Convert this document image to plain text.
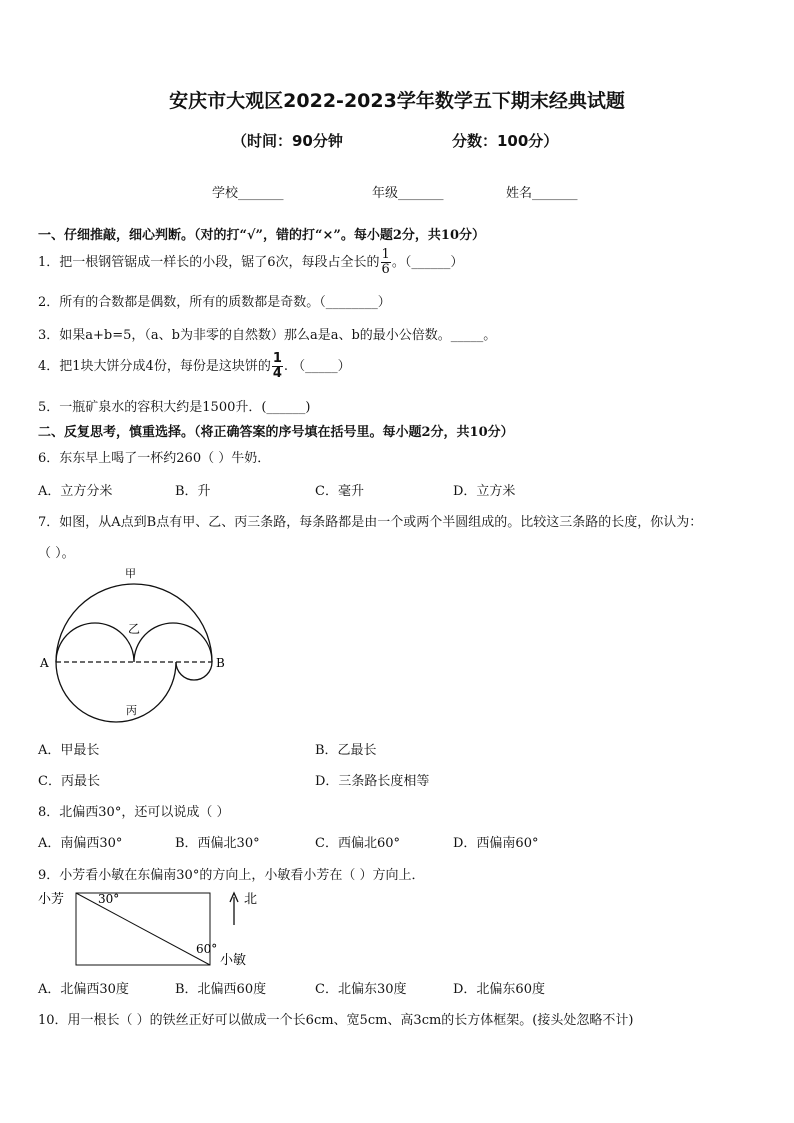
安庆市大观区2022-2023学年数学五下期末经典试题
（时间：90分钟	分数：100分）
学校_______	年级_______	姓名_______
一、仔细推敲，细心判断。（对的打“√”，错的打“×”。每小题2分，共10分）
1．把一根钢管锯成一样长的小段，锯了6次，每段占全长的 $\frac{1}{6}$ 。（______）
2．所有的合数都是偶数，所有的质数都是奇数。（________）
3．如果a+b=5，（a、b为非零的自然数）那么a是a、b的最小公倍数。_____。
4．把1块大饼分成4份，每份是这块饼的 $\frac{1}{4}$ . （_____）
5．一瓶矿泉水的容积大约是1500升．(______)
二、反复思考，慎重选择。（将正确答案的序号填在括号里。每小题2分，共10分）
6．东东早上喝了一杯约260（ ）牛奶．
A．立方分米	B．升	C．毫升	D．立方米
7．如图，从A点到B点有甲、乙、丙三条路，每条路都是由一个或两个半圆组成的。比较这三条路的长度，你认为：
（ ）。
甲
乙
丙
A	B
A．甲最长	B．乙最长
C．丙最长	D．三条路长度相等
8．北偏西30°，还可以说成（ ）
A．南偏西30°	B．西偏北30°	C．西偏北60°	D．西偏南60°
9．小芳看小敏在东偏南30°的方向上，小敏看小芳在（ ）方向上．
小芳	30°
60°
小敏
北
A．北偏西30度	B．北偏西60度	C．北偏东30度	D．北偏东60度
10．用一根长（ ）的铁丝正好可以做成一个长6cm、宽5cm、高3cm的长方体框架。(接头处忽略不计)
